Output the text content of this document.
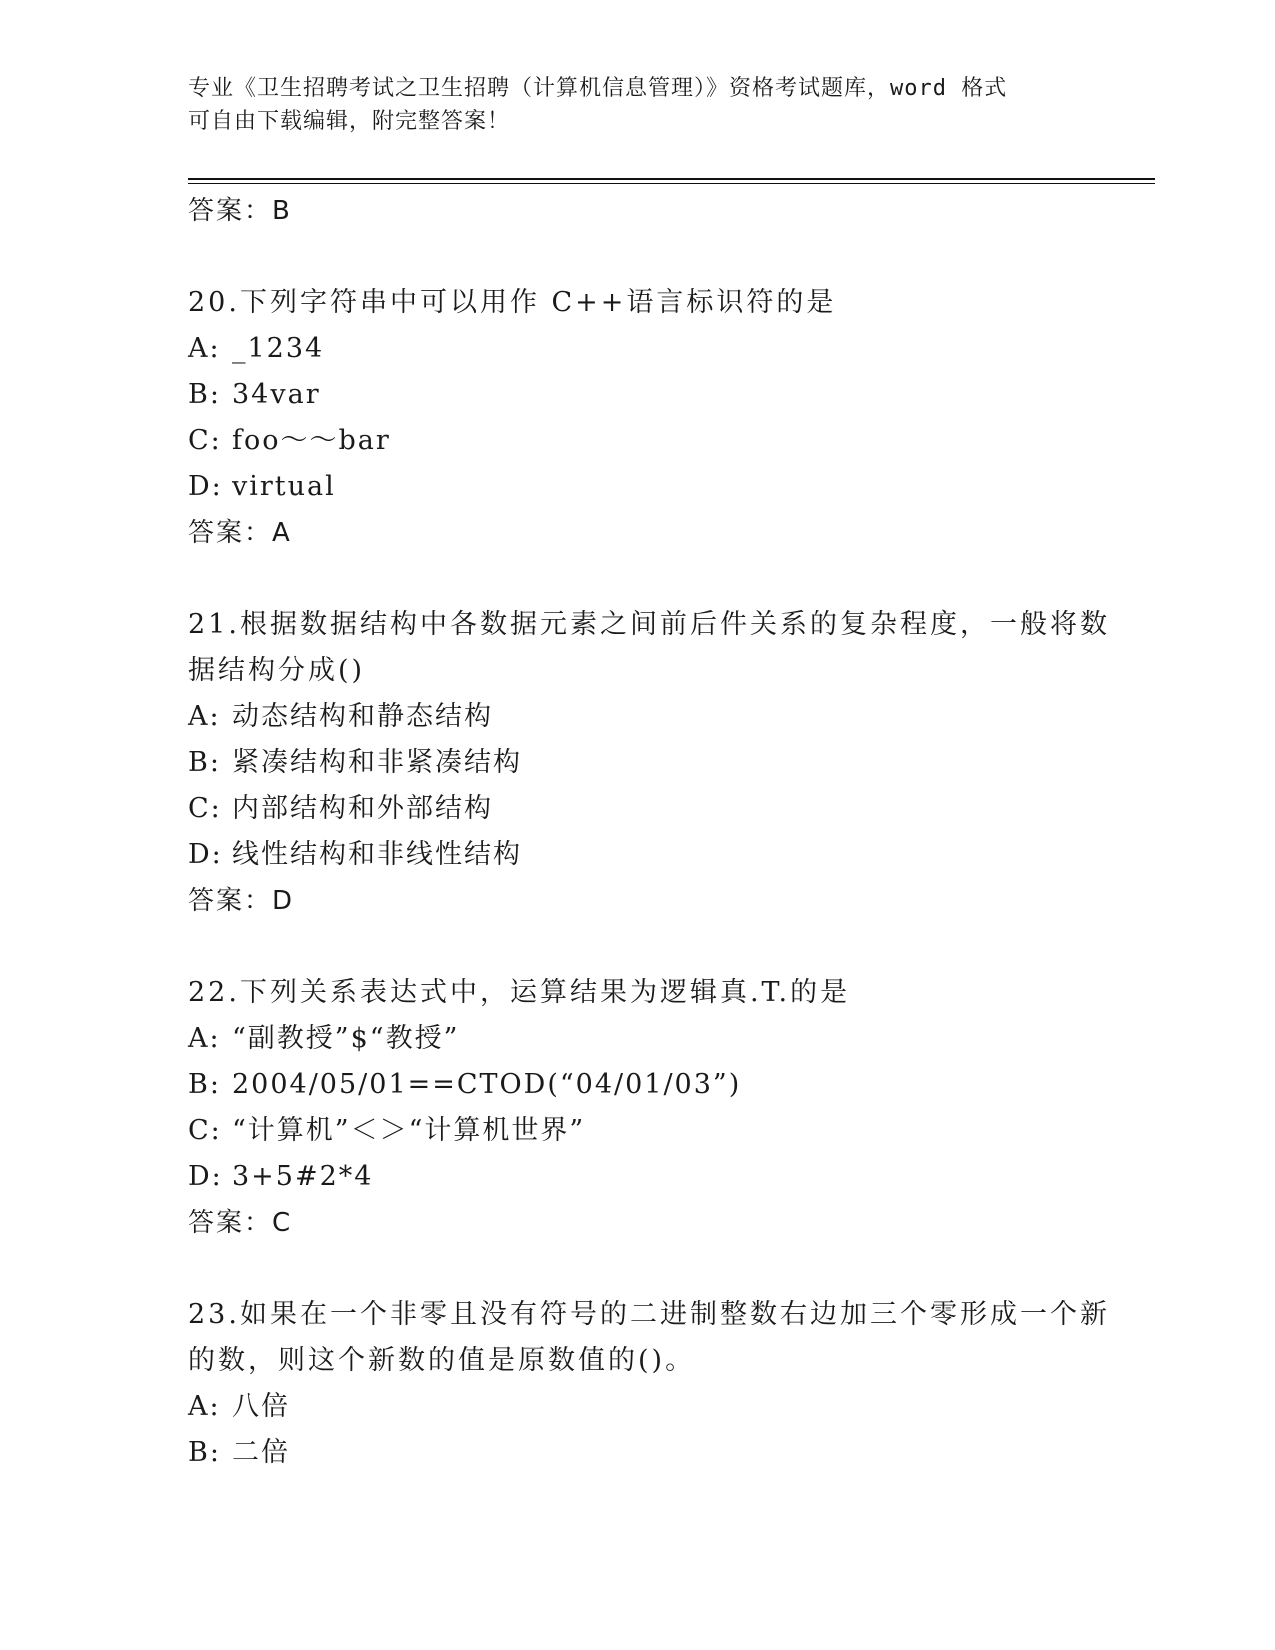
专业《卫生招聘考试之卫生招聘（计算机信息管理）》资格考试题库，word 格式
可自由下载编辑，附完整答案！
答案：B
20.下列字符串中可以用作 C++语言标识符的是
A: _1234
B: 34var
C: foo～～bar
D: virtual
答案：A
21.根据数据结构中各数据元素之间前后件关系的复杂程度，一般将数
据结构分成()
A: 动态结构和静态结构
B: 紧凑结构和非紧凑结构
C: 内部结构和外部结构
D: 线性结构和非线性结构
答案：D
22.下列关系表达式中，运算结果为逻辑真.T.的是
A: “副教授”$“教授”
B: 2004/05/01==CTOD(“04/01/03”)
C: “计算机”＜＞“计算机世界”
D: 3+5#2*4
答案：C
23.如果在一个非零且没有符号的二进制整数右边加三个零形成一个新
的数，则这个新数的值是原数值的()。
A: 八倍
B: 二倍
